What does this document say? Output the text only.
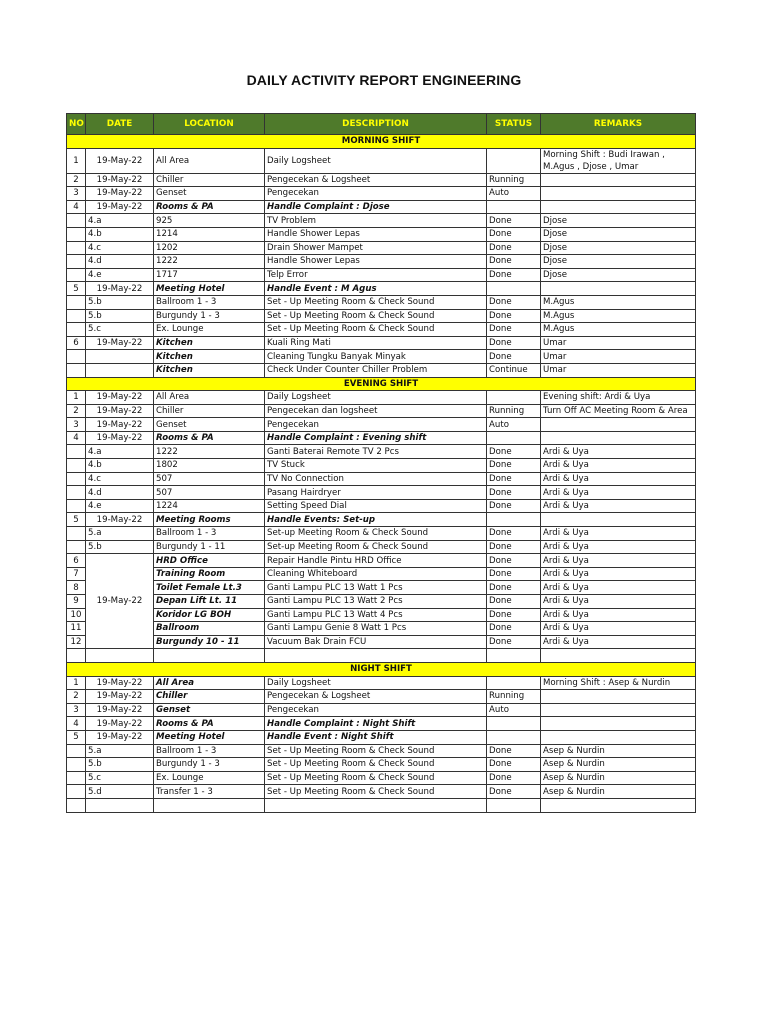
DAILY ACTIVITY REPORT ENGINEERING
NO	DATE	LOCATION	DESCRIPTION	STATUS	REMARKS
MORNING SHIFT					
1	19-May-22	All Area	Daily Logsheet		Morning Shift : Budi Irawan , M.Agus , Djose , Umar
2	19-May-22	Chiller	Pengecekan & Logsheet	Running	
3	19-May-22	Genset	Pengecekan	Auto	
4	19-May-22	Rooms & PA	Handle Complaint : Djose		
	4.a	925	TV Problem	Done	Djose
	4.b	1214	Handle Shower Lepas	Done	Djose
	4.c	1202	Drain Shower Mampet	Done	Djose
	4.d	1222	Handle Shower Lepas	Done	Djose
	4.e	1717	Telp Error	Done	Djose
5	19-May-22	Meeting Hotel	Handle Event : M Agus		
	5.b	Ballroom 1 - 3	Set - Up Meeting Room & Check Sound	Done	M.Agus
	5.b	Burgundy 1 - 3	Set - Up Meeting Room & Check Sound	Done	M.Agus
	5.c	Ex. Lounge	Set - Up Meeting Room & Check Sound	Done	M.Agus
6	19-May-22	Kitchen	Kuali Ring Mati	Done	Umar
		Kitchen	Cleaning Tungku Banyak Minyak	Done	Umar
		Kitchen	Check Under Counter Chiller Problem	Continue	Umar
EVENING SHIFT					
1	19-May-22	All Area	Daily Logsheet		Evening shift: Ardi & Uya
2	19-May-22	Chiller	Pengecekan dan logsheet	Running	Turn Off AC Meeting Room & Area
3	19-May-22	Genset	Pengecekan	Auto	
4	19-May-22	Rooms & PA	Handle Complaint : Evening shift		
	4.a	1222	Ganti Baterai Remote TV 2 Pcs	Done	Ardi & Uya
	4.b	1802	TV Stuck	Done	Ardi & Uya
	4.c	507	TV No Connection	Done	Ardi & Uya
	4.d	507	Pasang Hairdryer	Done	Ardi & Uya
	4.e	1224	Setting Speed Dial	Done	Ardi & Uya
5	19-May-22	Meeting Rooms	Handle Events: Set-up		
	5.a	Ballroom 1 - 3	Set-up Meeting Room & Check Sound	Done	Ardi & Uya
	5.b	Burgundy 1 - 11	Set-up Meeting Room & Check Sound	Done	Ardi & Uya
6	19-May-22	HRD Office	Repair Handle Pintu HRD Office	Done	Ardi & Uya
7		Training Room	Cleaning Whiteboard	Done	Ardi & Uya
8		Toilet Female Lt.3	Ganti Lampu PLC 13 Watt 1 Pcs	Done	Ardi & Uya
9		Depan Lift Lt. 11	Ganti Lampu PLC 13 Watt 2 Pcs	Done	Ardi & Uya
10		Koridor LG BOH	Ganti Lampu PLC 13 Watt 4 Pcs	Done	Ardi & Uya
11		Ballroom	Ganti Lampu Genie 8 Watt 1 Pcs	Done	Ardi & Uya
12		Burgundy 10 - 11	Vacuum Bak Drain FCU	Done	Ardi & Uya

NIGHT SHIFT					
1	19-May-22	All Area	Daily Logsheet		Morning Shift : Asep & Nurdin
2	19-May-22	Chiller	Pengecekan & Logsheet	Running	
3	19-May-22	Genset	Pengecekan	Auto	
4	19-May-22	Rooms & PA	Handle Complaint : Night Shift		
5	19-May-22	Meeting Hotel	Handle Event : Night Shift		
	5.a	Ballroom 1 - 3	Set - Up Meeting Room & Check Sound	Done	Asep & Nurdin
	5.b	Burgundy 1 - 3	Set - Up Meeting Room & Check Sound	Done	Asep & Nurdin
	5.c	Ex. Lounge	Set - Up Meeting Room & Check Sound	Done	Asep & Nurdin
	5.d	Transfer 1 - 3	Set - Up Meeting Room & Check Sound	Done	Asep & Nurdin
